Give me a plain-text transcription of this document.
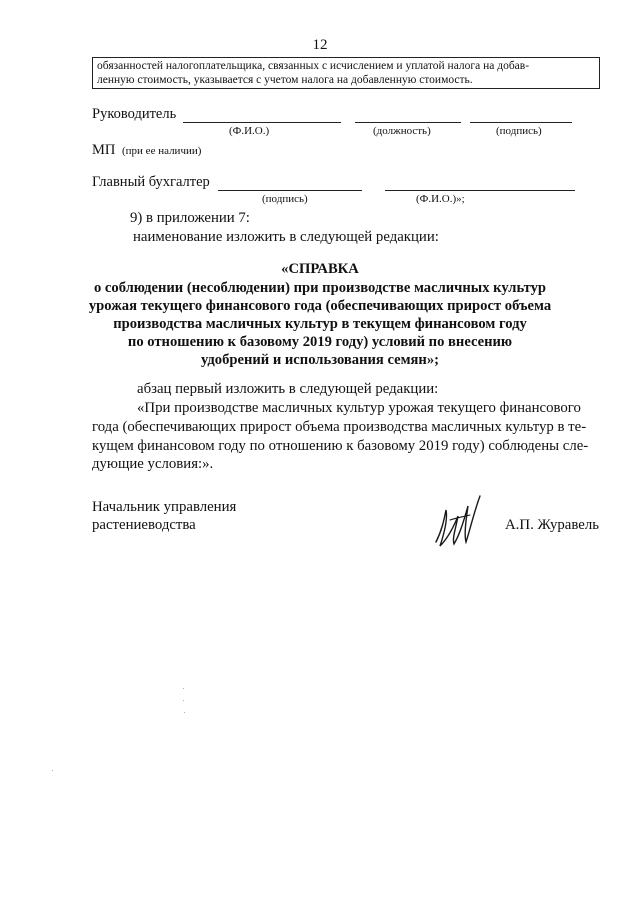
12
обязанностей налогоплательщика, связанных с исчислением и уплатой налога на добав-
ленную стоимость, указывается с учетом налога на добавленную стоимость.
Руководитель
(Ф.И.О.)	(должность)	(подпись)
МП (при ее наличии)
Главный бухгалтер
(подпись)	(Ф.И.О.)»;
9) в приложении 7:
наименование изложить в следующей редакции:
«СПРАВКА
о соблюдении (несоблюдении) при производстве масличных культур
урожая текущего финансового года (обеспечивающих прирост объема
производства масличных культур в текущем финансовом году
по отношению к базовому 2019 году) условий по внесению
удобрений и использования семян»;
абзац первый изложить в следующей редакции:
«При производстве масличных культур урожая текущего финансового
года (обеспечивающих прирост объема производства масличных культур в те-
кущем финансовом году по отношению к базовому 2019 году) соблюдены сле-
дующие условия:».
Начальник управления
растениеводства	А.П. Журавель
